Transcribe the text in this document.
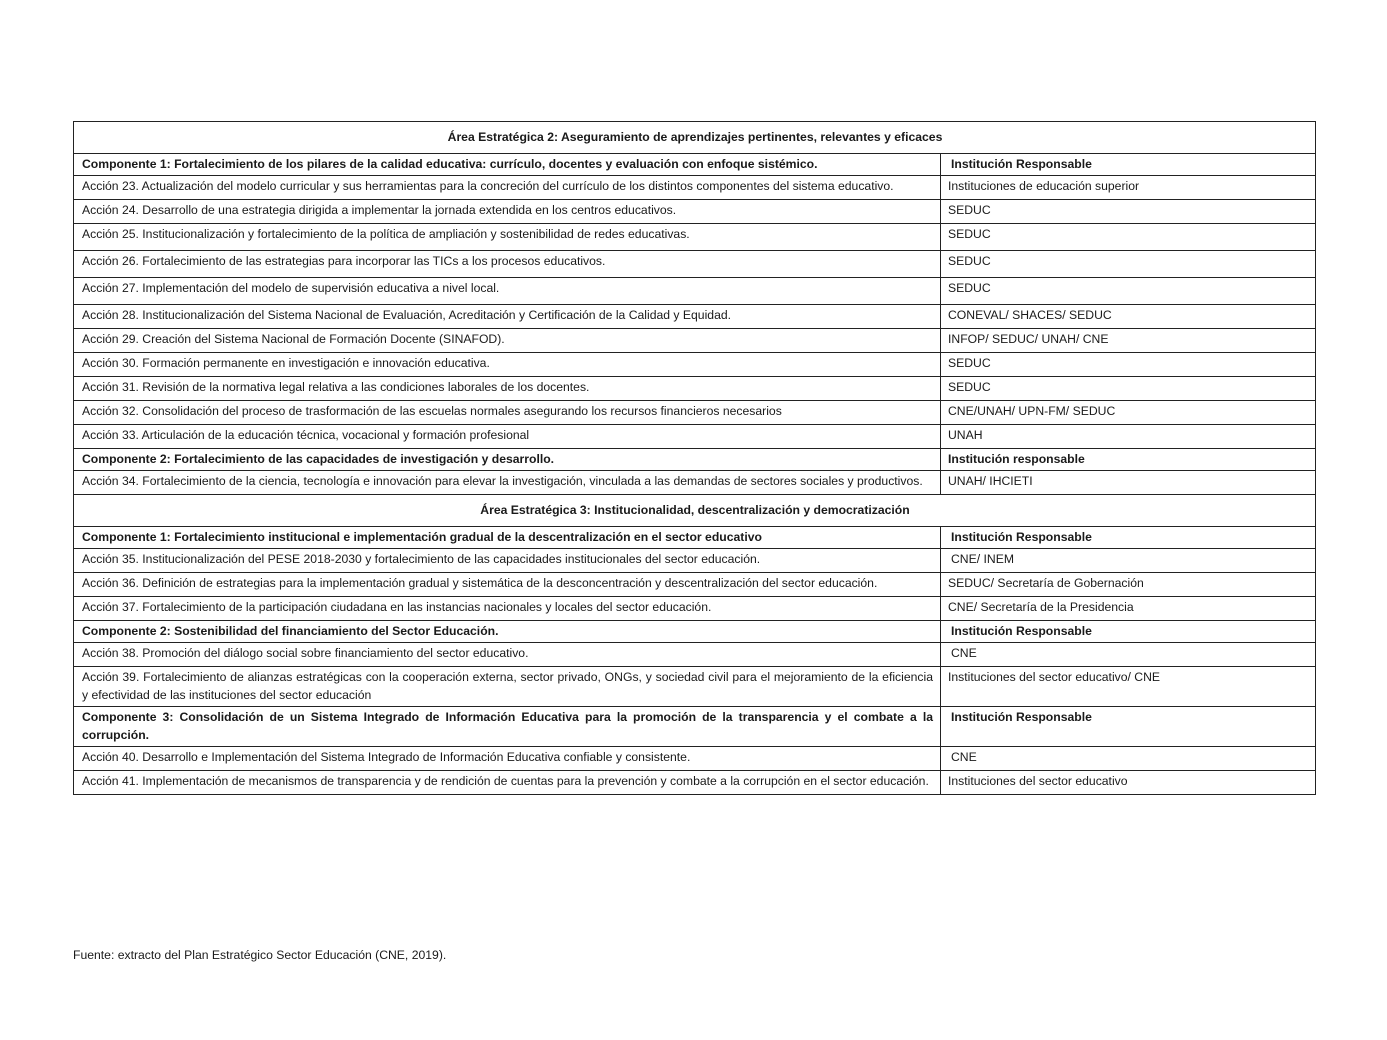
Área Estratégica 2: Aseguramiento de aprendizajes pertinentes, relevantes y eficaces	
Componente 1: Fortalecimiento de los pilares de la calidad educativa: currículo, docentes y evaluación con enfoque sistémico.	Institución Responsable
Acción 23. Actualización del modelo curricular y sus herramientas para la concreción del currículo de los distintos componentes del sistema educativo.	Instituciones de educación superior
Acción 24. Desarrollo de una estrategia dirigida a implementar la jornada extendida en los centros educativos.	SEDUC
Acción 25. Institucionalización y fortalecimiento de la política de ampliación y sostenibilidad de redes educativas.	SEDUC
Acción 26. Fortalecimiento de las estrategias para incorporar las TICs a los procesos educativos.	SEDUC
Acción 27. Implementación del modelo de supervisión educativa a nivel local.	SEDUC
Acción 28. Institucionalización del Sistema Nacional de Evaluación, Acreditación y Certificación de la Calidad y Equidad.	CONEVAL/ SHACES/ SEDUC
Acción 29. Creación del Sistema Nacional de Formación Docente (SINAFOD).	INFOP/ SEDUC/ UNAH/ CNE
Acción 30. Formación permanente en investigación e innovación educativa.	SEDUC
Acción 31. Revisión de la normativa legal relativa a las condiciones laborales de los docentes.	SEDUC
Acción 32. Consolidación del proceso de trasformación de las escuelas normales asegurando los recursos financieros necesarios	CNE/UNAH/ UPN-FM/ SEDUC
Acción 33. Articulación de la educación técnica, vocacional y formación profesional	UNAH
Componente 2: Fortalecimiento de las capacidades de investigación y desarrollo.	Institución responsable
Acción 34. Fortalecimiento de la ciencia, tecnología e innovación para elevar la investigación, vinculada a las demandas de sectores sociales y productivos.	UNAH/ IHCIETI
Área Estratégica 3: Institucionalidad, descentralización y democratización	
Componente 1: Fortalecimiento institucional e implementación gradual de la descentralización en el sector educativo	Institución Responsable
Acción 35. Institucionalización del PESE 2018-2030 y fortalecimiento de las capacidades institucionales del sector educación.	CNE/ INEM
Acción 36. Definición de estrategias para la implementación gradual y sistemática de la desconcentración y descentralización del sector educación.	SEDUC/ Secretaría de Gobernación
Acción 37. Fortalecimiento de la participación ciudadana en las instancias nacionales y locales del sector educación.	CNE/ Secretaría de la Presidencia
Componente 2: Sostenibilidad del financiamiento del Sector Educación.	Institución Responsable
Acción 38. Promoción del diálogo social sobre financiamiento del sector educativo.	CNE
Acción 39. Fortalecimiento de alianzas estratégicas con la cooperación externa, sector privado, ONGs, y sociedad civil para el mejoramiento de la eficiencia y efectividad de las instituciones del sector educación	Instituciones del sector educativo/ CNE
Componente 3: Consolidación de un Sistema Integrado de Información Educativa para la promoción de la transparencia y el combate a la corrupción.	Institución Responsable
Acción 40. Desarrollo e Implementación del Sistema Integrado de Información Educativa confiable y consistente.	CNE
Acción 41. Implementación de mecanismos de transparencia y de rendición de cuentas para la prevención y combate a la corrupción en el sector educación.	Instituciones del sector educativo
Fuente: extracto del Plan Estratégico Sector Educación (CNE, 2019).
